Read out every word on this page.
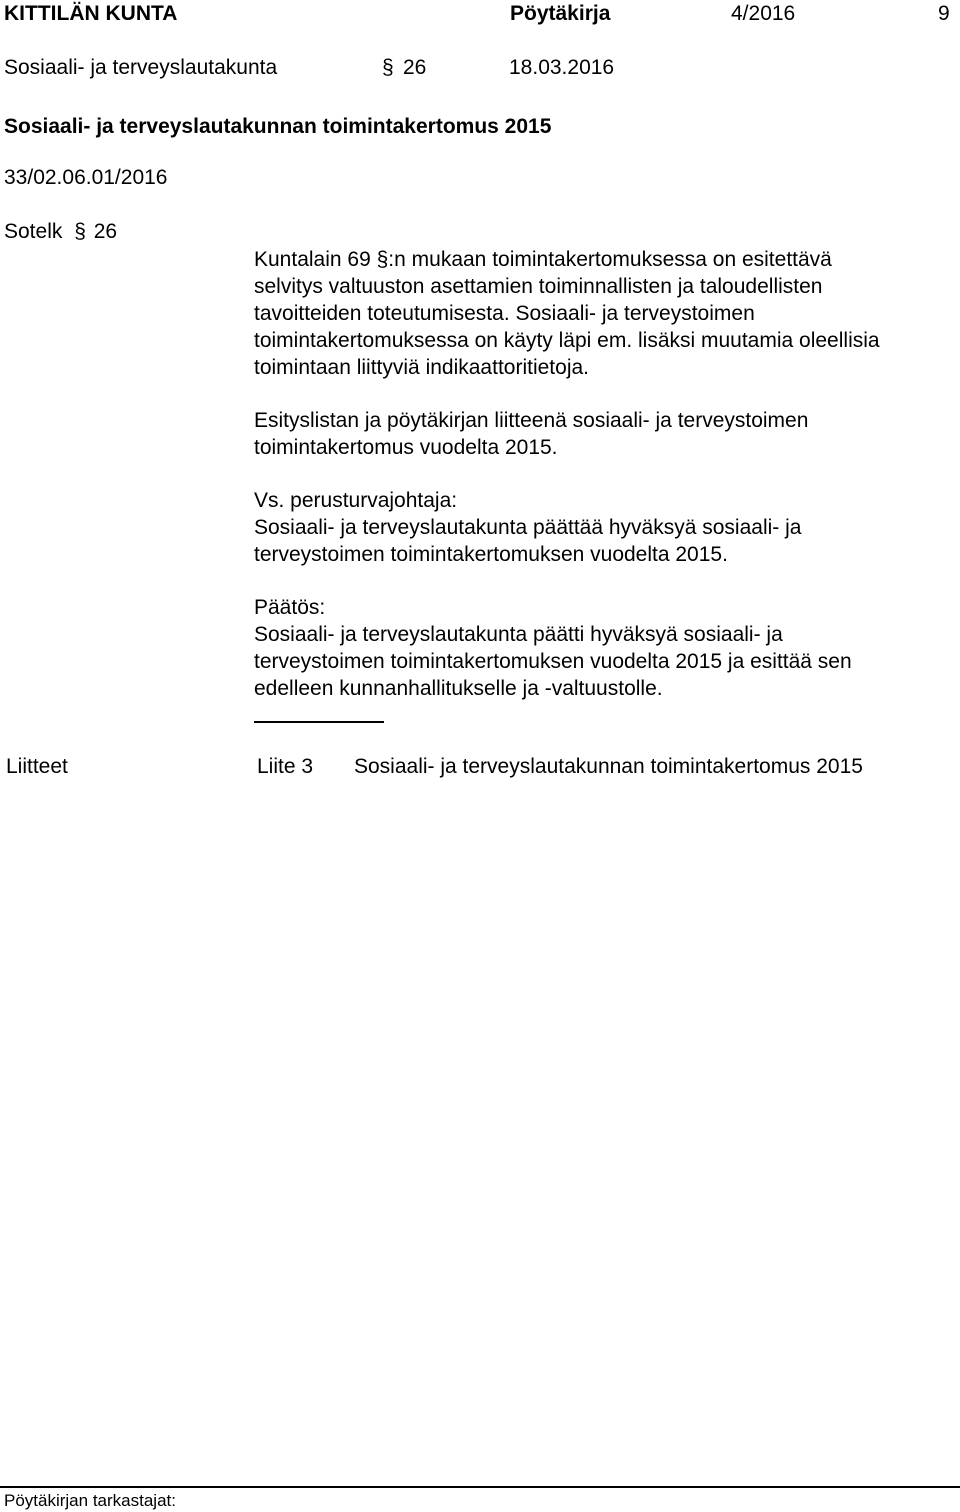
KITTILÄN KUNTA	Pöytäkirja	4/2016	9
Sosiaali- ja terveyslautakunta	§ 26	18.03.2016
Sosiaali- ja terveyslautakunnan toimintakertomus 2015
33/02.06.01/2016
Sotelk § 26

Kuntalain 69 §:n mukaan toimintakertomuksessa on esitettävä

selvitys valtuuston asettamien toiminnallisten ja taloudellisten

tavoitteiden toteutumisesta. Sosiaali- ja terveystoimen

toimintakertomuksessa on käyty läpi em. lisäksi muutamia oleellisia

toimintaan liittyviä indikaattoritietoja.

Esityslistan ja pöytäkirjan liitteenä sosiaali- ja terveystoimen

toimintakertomus vuodelta 2015.

Vs. perusturvajohtaja:

Sosiaali- ja terveyslautakunta päättää hyväksyä sosiaali- ja

terveystoimen toimintakertomuksen vuodelta 2015.

Päätös:

Sosiaali- ja terveyslautakunta päätti hyväksyä sosiaali- ja

terveystoimen toimintakertomuksen vuodelta 2015 ja esittää sen

edelleen kunnanhallitukselle ja -valtuustolle.

Liitteet	Liite 3 Sosiaali- ja terveyslautakunnan toimintakertomus 2015
Pöytäkirjan tarkastajat:
